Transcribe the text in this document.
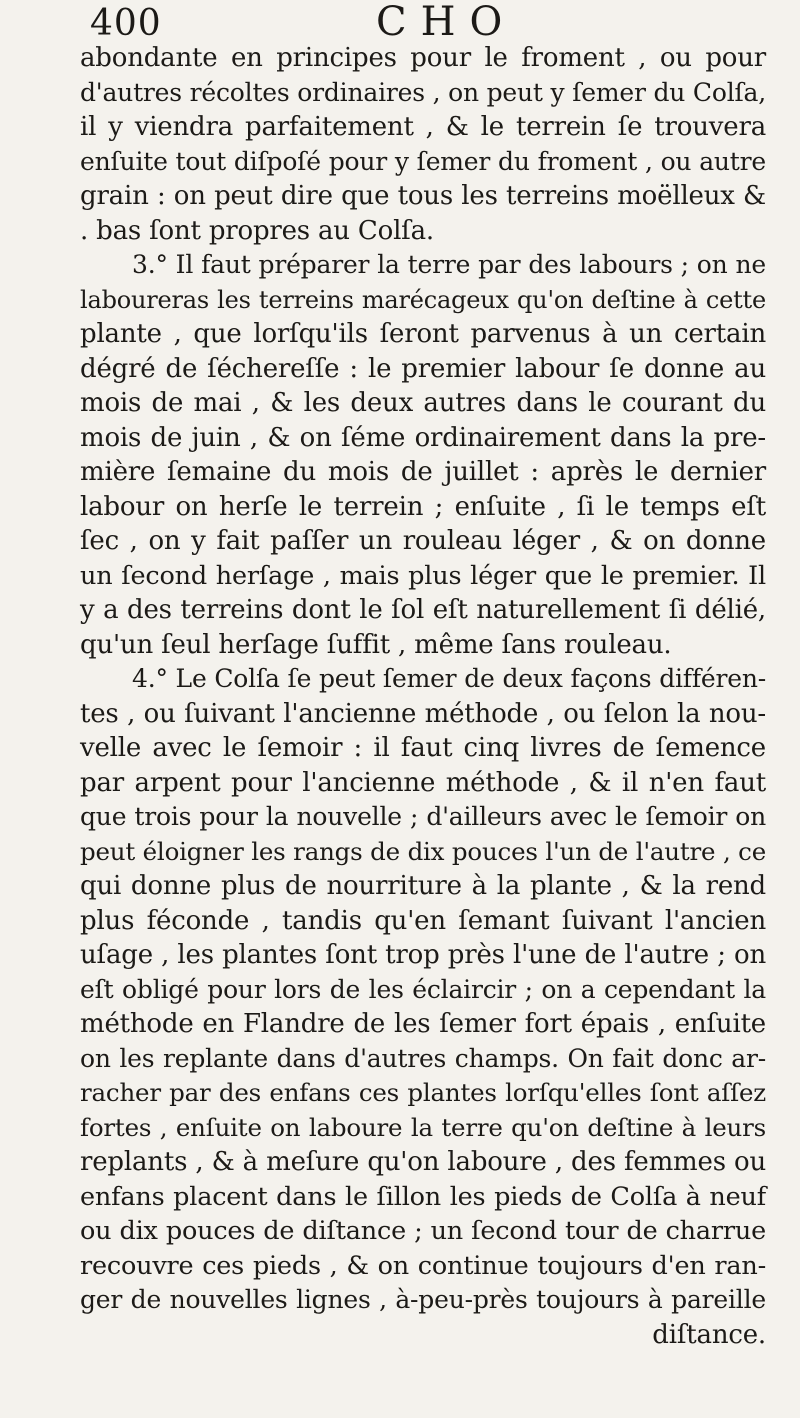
400	CHO
abondante en principes pour le froment , ou pour
d'autres récoltes ordinaires , on peut y ſemer du Colſa,
il y viendra parfaitement , & le terrein ſe trouvera
enſuite tout diſpoſé pour y ſemer du froment , ou autre
grain : on peut dire que tous les terreins moëlleux &
. bas ſont propres au Colſa.
3.° Il faut préparer la terre par des labours ; on ne
laboureras les terreins marécageux qu'on deſtine à cette
plante , que lorſqu'ils ſeront parvenus à un certain
dégré de ſéchereſſe : le premier labour ſe donne au
mois de mai , & les deux autres dans le courant du
mois de juin , & on ſéme ordinairement dans la pre-
mière ſemaine du mois de juillet : après le dernier
labour on herſe le terrein ; enſuite , ſi le temps eſt
ſec , on y fait paſſer un rouleau léger , & on donne
un ſecond herſage , mais plus léger que le premier. Il
y a des terreins dont le ſol eſt naturellement ſi délié,
qu'un ſeul herſage ſuffit , même ſans rouleau.
4.° Le Colſa ſe peut ſemer de deux façons différen-
tes , ou ſuivant l'ancienne méthode , ou ſelon la nou-
velle avec le ſemoir : il faut cinq livres de ſemence
par arpent pour l'ancienne méthode , & il n'en faut
que trois pour la nouvelle ; d'ailleurs avec le ſemoir on
peut éloigner les rangs de dix pouces l'un de l'autre , ce
qui donne plus de nourriture à la plante , & la rend
plus féconde , tandis qu'en ſemant ſuivant l'ancien
uſage , les plantes ſont trop près l'une de l'autre ; on
eſt obligé pour lors de les éclaircir ; on a cependant la
méthode en Flandre de les ſemer fort épais , enſuite
on les replante dans d'autres champs. On fait donc ar-
racher par des enfans ces plantes lorſqu'elles ſont aſſez
fortes , enſuite on laboure la terre qu'on deſtine à leurs
replants , & à meſure qu'on laboure , des femmes ou
enfans placent dans le ſillon les pieds de Colſa à neuf
ou dix pouces de diſtance ; un ſecond tour de charrue
recouvre ces pieds , & on continue toujours d'en ran-
ger de nouvelles lignes , à-peu-près toujours à pareille
diſtance.
